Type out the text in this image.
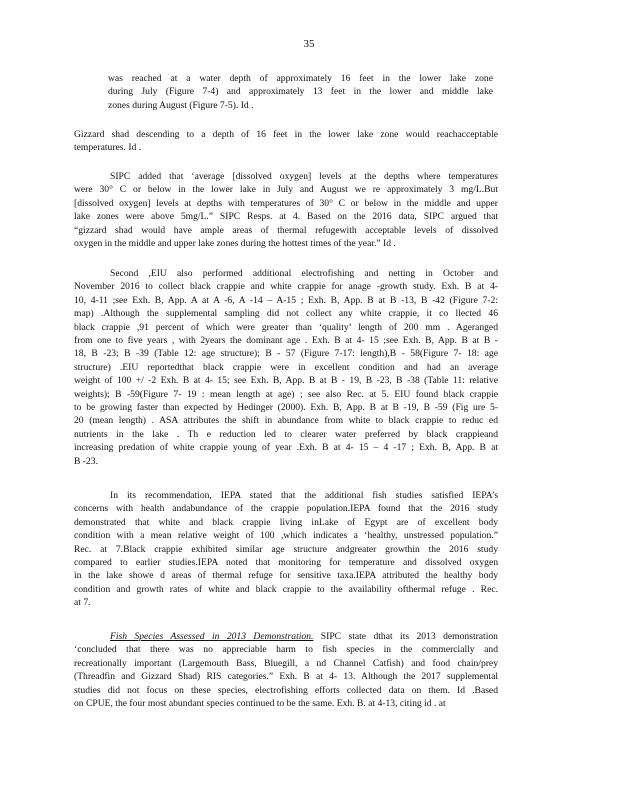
35
was reached at a water depth of approximately 16 feet in the lower lake zone
during July (Figure 7-4) and approximately 13 feet in the lower and middle lake
zones during August (Figure 7-5). Id .
Gizzard shad descending to a depth of 16 feet in the lower lake zone would reachacceptable
temperatures. Id .
SIPC added that ‘average [dissolved oxygen] levels at the depths where temperatures
were 30° C or below in the lower lake in July and August we re approximately 3 mg/L.But
[dissolved oxygen] levels at depths with temperatures of 30° C or below in the middle and upper
lake zones were above 5mg/L.” SIPC Resps. at 4. Based on the 2016 data, SIPC argued that
“gizzard shad would have ample areas of thermal refugewith acceptable levels of dissolved
oxygen in the middle and upper lake zones during the hottest times of the year.” Id .
Second ,EIU also performed additional electrofishing and netting in October and
November 2016 to collect black crappie and white crappie for anage -growth study. Exh. B at 4-
10, 4-11 ;see Exh. B, App. A at A -6, A -14 – A-15 ; Exh. B, App. B at B -13, B -42 (Figure 7-2:
map) .Although the supplemental sampling did not collect any white crappie, it co llected 46
black crappie ,91 percent of which were greater than ‘quality’ length of 200 mm . Ageranged
from one to five years , with 2years the dominant age . Exh. B at 4- 15 ;see Exh. B, App. B at B -
18, B -23; B -39 (Table 12: age structure); B - 57 (Figure 7-17: length),B - 58(Figure 7- 18: age
structure) .EIU reportedthat black crappie were in excellent condition and had an average
weight of 100 +/ -2 Exh. B at 4- 15; see Exh. B, App. B at B - 19, B -23, B -38 (Table 11: relative
weights); B -59(Figure 7- 19 : mean length at age) ; see also Rec. at 5. EIU found black crappie
to be growing faster than expected by Hedinger (2000). Exh. B, App. B at B -19, B -59 (Fig ure 5-
20 (mean length) . ASA attributes the shift in abundance from white to black crappie to reduc ed
nutrients in the lake . Th e reduction led to clearer water preferred by black crappieand
increasing predation of white crappie young of year .Exh. B at 4- 15 – 4 -17 ; Exh. B, App. B at
B -23.
In its recommendation, IEPA stated that the additional fish studies satisfied IEPA’s
concerns with health andabundance of the crappie population.IEPA found that the 2016 study
demonstrated that white and black crappie living inLake of Egypt are of excellent body
condition with a mean relative weight of 100 ,which indicates a ‘healthy, unstressed population.”
Rec. at 7.Black crappie exhibited similar age structure andgreater growthin the 2016 study
compared to earlier studies.IEPA noted that monitoring for temperature and dissolved oxygen
in the lake showe d areas of thermal refuge for sensitive taxa.IEPA attributed the healthy body
condition and growth rates of white and black crappie to the availability ofthermal refuge . Rec.
at 7.
Fish Species Assessed in 2013 Demonstration. SIPC state dthat its 2013 demonstration
‘concluded that there was no appreciable harm to fish species in the commercially and
recreationally important (Largemouth Bass, Bluegill, a nd Channel Catfish) and food chain/prey
(Threadfin and Gizzard Shad) RIS categories.” Exh. B at 4- 13. Although the 2017 supplemental
studies did not focus on these species, electrofishing efforts collected data on them. Id .Based
on CPUE, the four most abundant species continued to be the same. Exh. B. at 4-13, citing id . at
